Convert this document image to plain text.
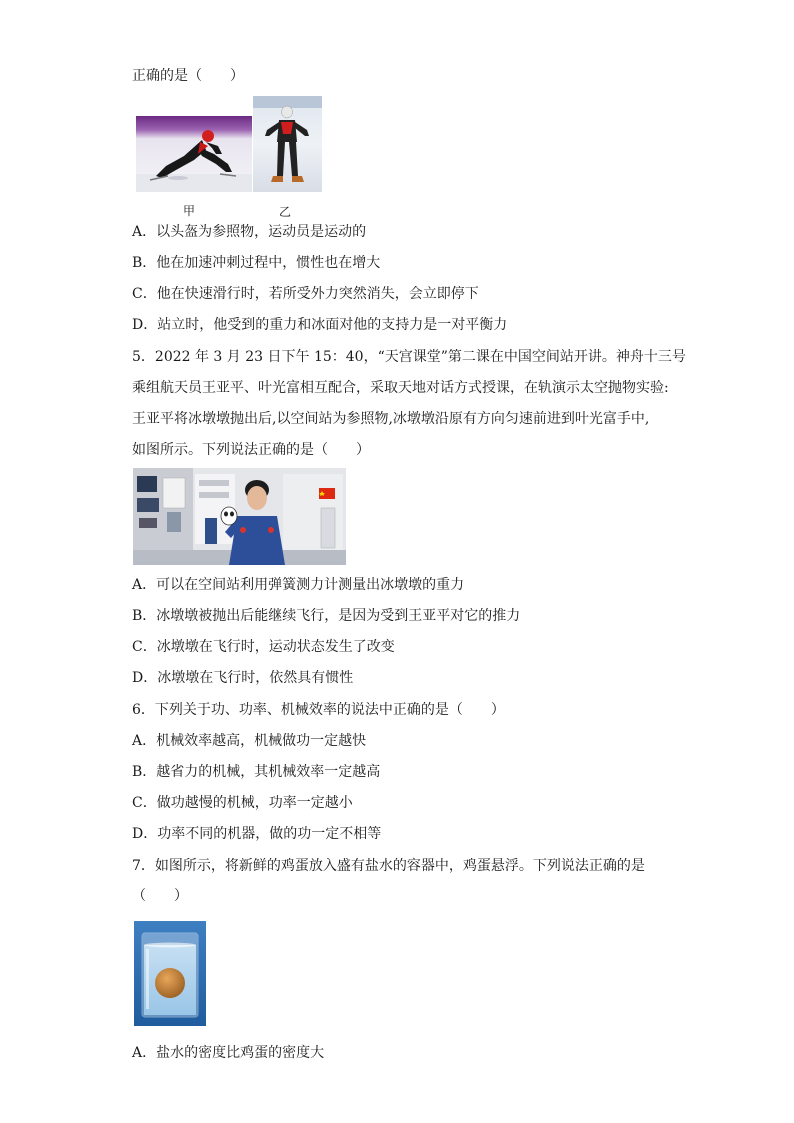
正确的是（　　）
甲	乙
A．以头盔为参照物，运动员是运动的
B．他在加速冲刺过程中，惯性也在增大
C．他在快速滑行时，若所受外力突然消失，会立即停下
D．站立时，他受到的重力和冰面对他的支持力是一对平衡力
5．2022 年 3 月 23 日下午 15：40，“天宫课堂”第二课在中国空间站开讲。神舟十三号
乘组航天员王亚平、叶光富相互配合，采取天地对话方式授课，在轨演示太空抛物实验:
王亚平将冰墩墩抛出后,以空间站为参照物,冰墩墩沿原有方向匀速前进到叶光富手中,
如图所示。下列说法正确的是（　　）
A．可以在空间站利用弹簧测力计测量出冰墩墩的重力
B．冰墩墩被抛出后能继续飞行，是因为受到王亚平对它的推力
C．冰墩墩在飞行时，运动状态发生了改变
D．冰墩墩在飞行时，依然具有惯性
6．下列关于功、功率、机械效率的说法中正确的是（　　）
A．机械效率越高，机械做功一定越快
B．越省力的机械，其机械效率一定越高
C．做功越慢的机械，功率一定越小
D．功率不同的机器，做的功一定不相等
7．如图所示，将新鲜的鸡蛋放入盛有盐水的容器中，鸡蛋悬浮。下列说法正确的是
（　　）
A．盐水的密度比鸡蛋的密度大
